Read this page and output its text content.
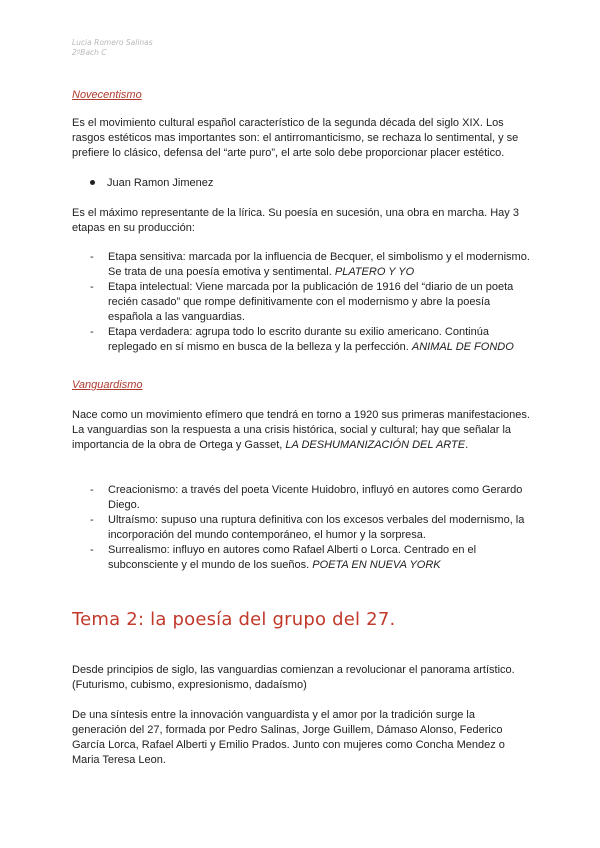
Lucia Romero Salinas
2ºBach C
Novecentismo
Es el movimiento cultural español característico de la segunda década del siglo XIX. Los rasgos estéticos mas importantes son: el antirromanticismo, se rechaza lo sentimental, y se prefiere lo clásico, defensa del “arte puro”, el arte solo debe proporcionar placer estético.
Juan Ramon Jimenez
Es el máximo representante de la lírica. Su poesía en sucesión, una obra en marcha. Hay 3 etapas en su producción:
- Etapa sensitiva: marcada por la influencia de Becquer, el simbolismo y el modernismo. Se trata de una poesía emotiva y sentimental. PLATERO Y YO
- Etapa intelectual: Viene marcada por la publicación de 1916 del “diario de un poeta recién casado” que rompe definitivamente con el modernismo y abre la poesía española a las vanguardias.
- Etapa verdadera: agrupa todo lo escrito durante su exilio americano. Continúa replegado en sí mismo en busca de la belleza y la perfección. ANIMAL DE FONDO
Vanguardismo
Nace como un movimiento efímero que tendrá en torno a 1920 sus primeras manifestaciones. La vanguardias son la respuesta a una crisis histórica, social y cultural; hay que señalar la importancia de la obra de Ortega y Gasset, LA DESHUMANIZACIÓN DEL ARTE.
- Creacionismo: a través del poeta Vicente Huidobro, influyó en autores como Gerardo Diego.
- Ultraísmo: supuso una ruptura definitiva con los excesos verbales del modernismo, la incorporación del mundo contemporáneo, el humor y la sorpresa.
- Surrealismo: influyo en autores como Rafael Alberti o Lorca. Centrado en el subconsciente y el mundo de los sueños. POETA EN NUEVA YORK
Tema 2: la poesía del grupo del 27.
Desde principios de siglo, las vanguardias comienzan a revolucionar el panorama artístico. (Futurismo, cubismo, expresionismo, dadaísmo)
De una síntesis entre la innovación vanguardista y el amor por la tradición surge la generación del 27, formada por Pedro Salinas, Jorge Guillem, Dámaso Alonso, Federico García Lorca, Rafael Alberti y Emilio Prados. Junto con mujeres como Concha Mendez o Maria Teresa Leon.
